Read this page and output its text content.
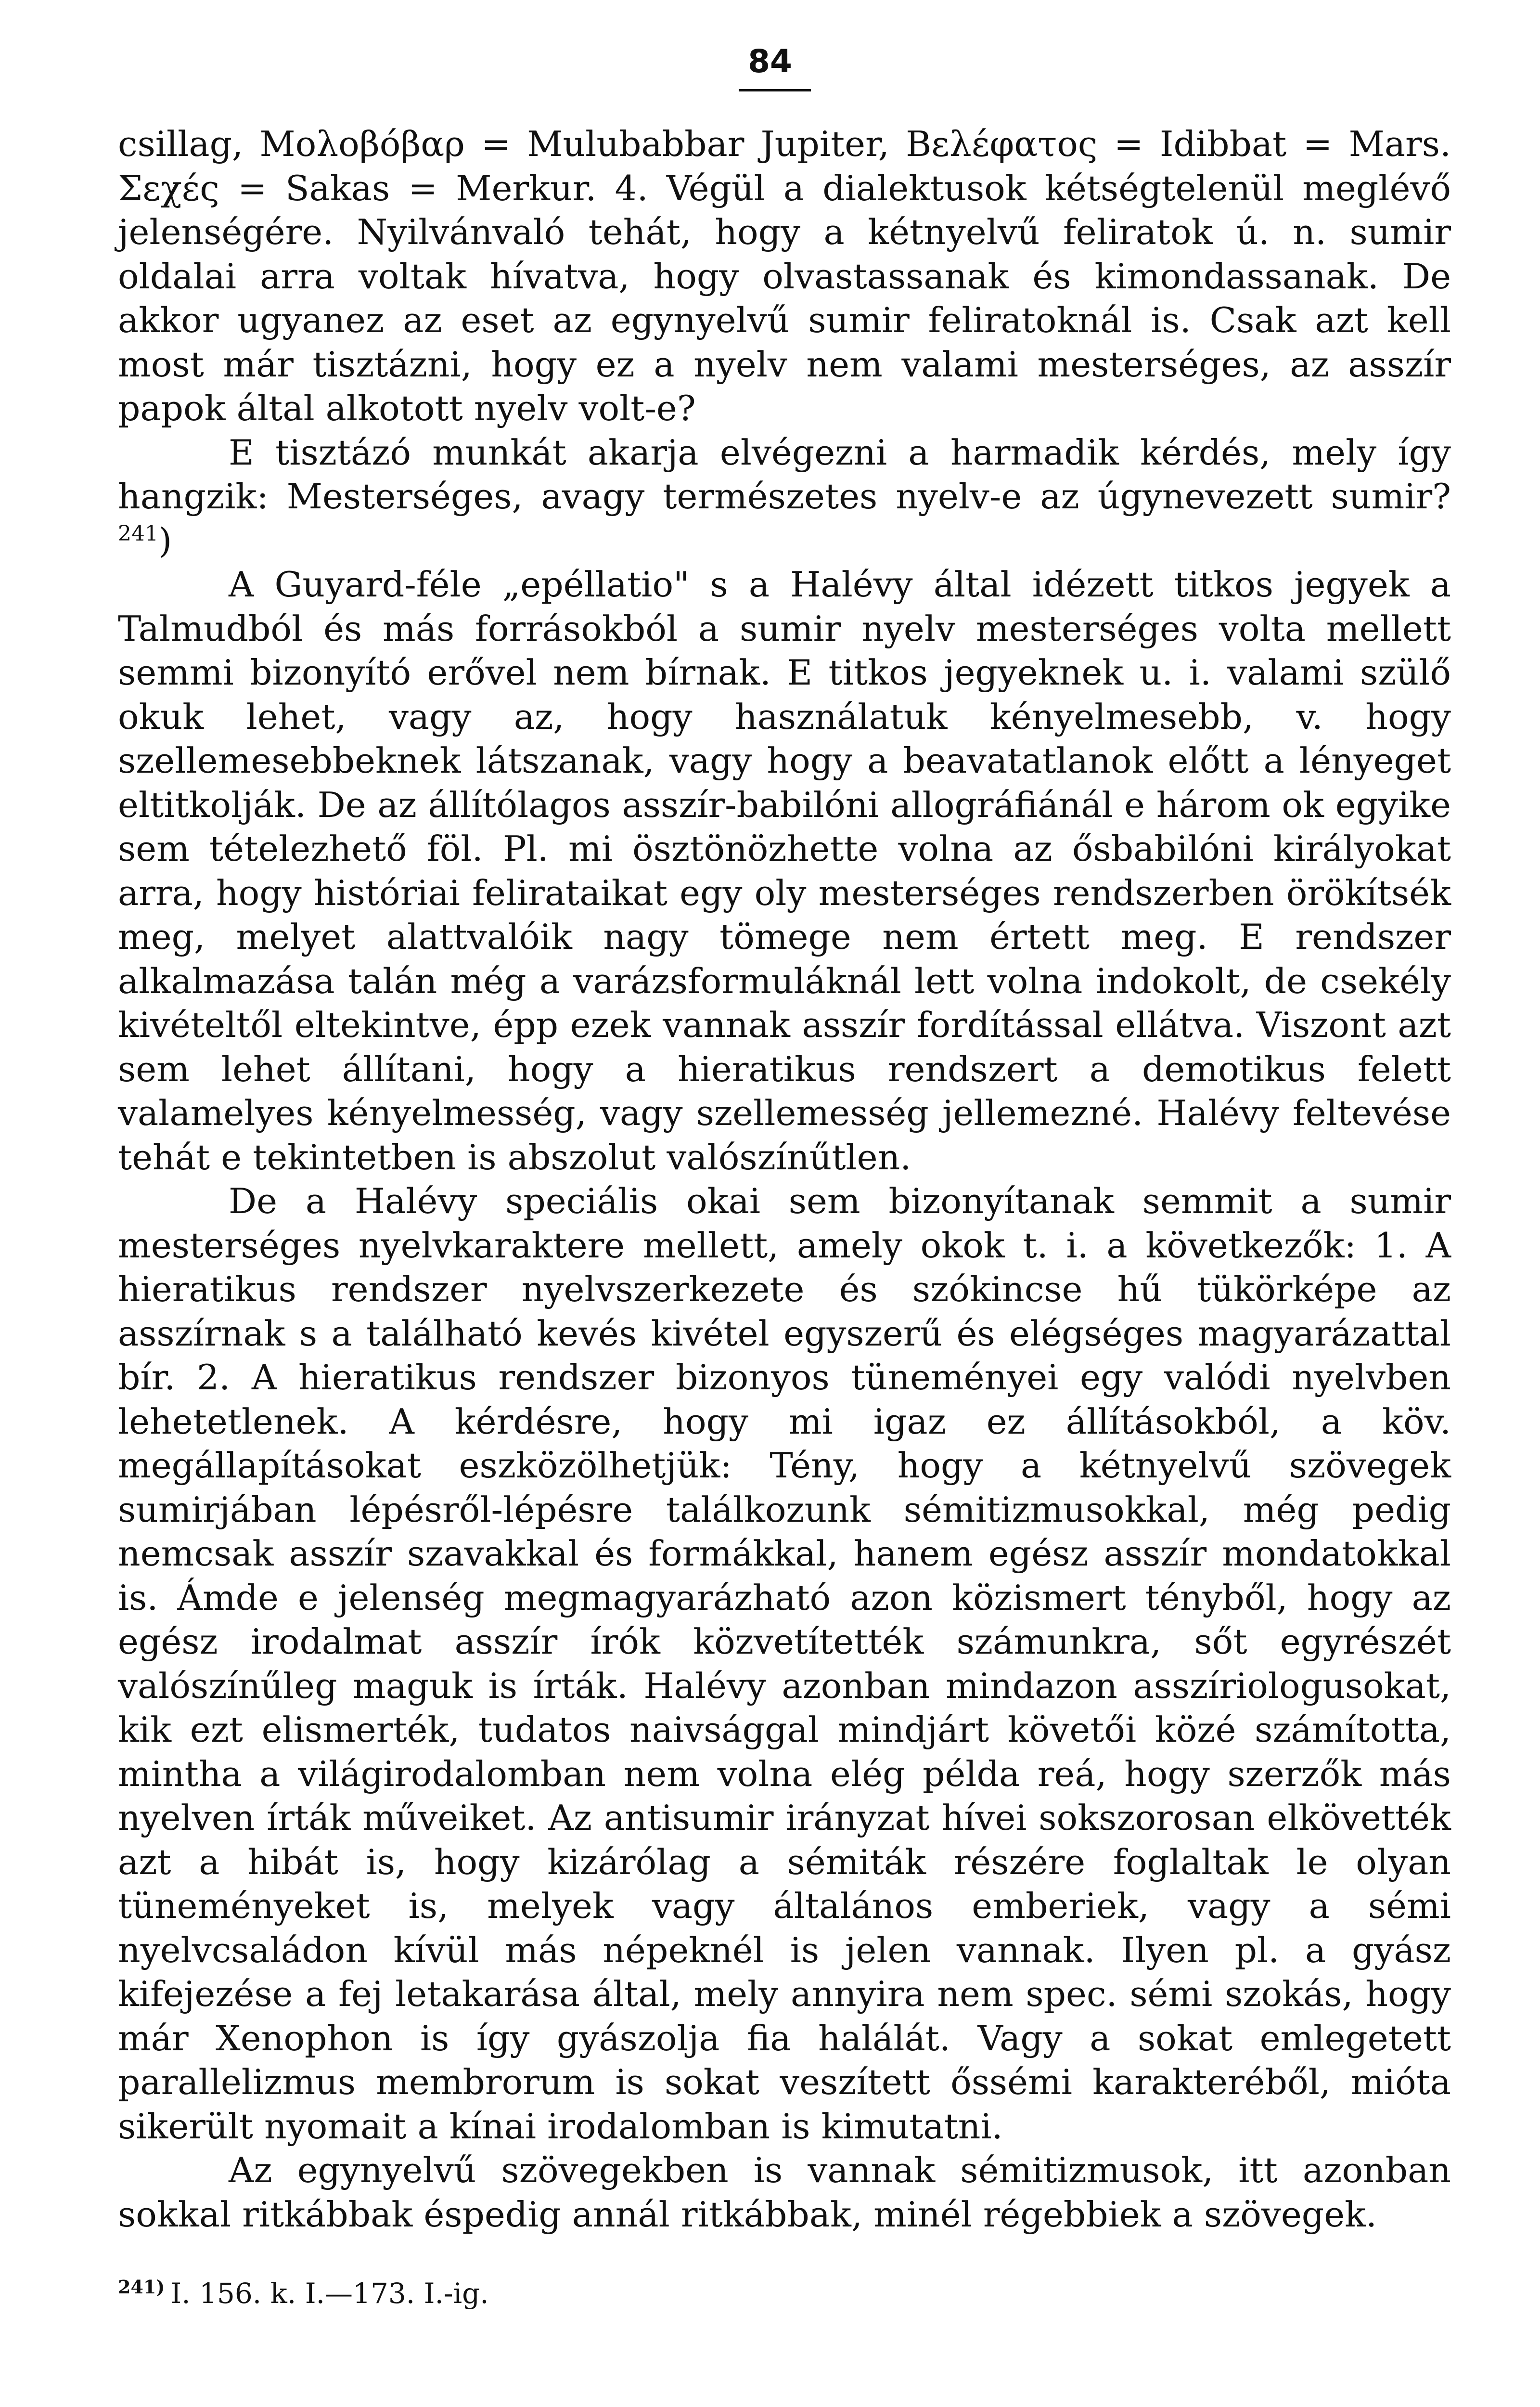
84

csillag, Μολοβόβαρ = Mulubabbar Jupiter, Βελέφατος = Idibbat = Mars. Σεχές = Sakas = Merkur. 4. Végül a dialektusok kétségtelenül meglévő jelenségére. Nyilvánvaló tehát, hogy a kétnyelvű feliratok ú. n. sumir oldalai arra voltak hívatva, hogy olvastassanak és kimondassanak. De akkor ugyanez az eset az egynyelvű sumir feliratoknál is. Csak azt kell most már tisztázni, hogy ez a nyelv nem valami mesterséges, az asszír papok által alkotott nyelv volt-e?

E tisztázó munkát akarja elvégezni a harmadik kérdés, mely így hangzik: Mesterséges, avagy természetes nyelv-e az úgynevezett sumir?$^{241}$)

A Guyard-féle „epéllatio" s a Halévy által idézett titkos jegyek a Talmudból és más forrásokból a sumir nyelv mesterséges volta mellett semmi bizonyító erővel nem bírnak. E titkos jegyeknek u. i. valami szülő okuk lehet, vagy az, hogy használatuk kényelmesebb, v. hogy szellemesebbeknek látszanak, vagy hogy a beavatatlanok előtt a lényeget eltitkolják. De az állítólagos asszír-babilóni allográfiánál e három ok egyike sem tételezhető föl. Pl. mi ösztönözhette volna az ősbabilóni királyokat arra, hogy históriai felirataikat egy oly mesterséges rendszerben örökítsék meg, melyet alattvalóik nagy tömege nem értett meg. E rendszer alkalmazása talán még a varázsformuláknál lett volna indokolt, de csekély kivételtől eltekintve, épp ezek vannak asszír fordítással ellátva. Viszont azt sem lehet állítani, hogy a hieratikus rendszert a demotikus felett valamelyes kényelmesség, vagy szellemesség jellemezné. Halévy feltevése tehát e tekintetben is abszolut valószínűtlen.

De a Halévy speciális okai sem bizonyítanak semmit a sumir mesterséges nyelvkaraktere mellett, amely okok t. i. a következők: 1. A hieratikus rendszer nyelvszerkezete és szókincse hű tükörképe az asszírnak s a található kevés kivétel egyszerű és elégséges magyarázattal bír. 2. A hieratikus rendszer bizonyos tüneményei egy valódi nyelvben lehetetlenek. A kérdésre, hogy mi igaz ez állításokból, a köv. megállapításokat eszközölhetjük: Tény, hogy a kétnyelvű szövegek sumirjában lépésről-lépésre találkozunk sémitizmusokkal, még pedig nemcsak asszír szavakkal és formákkal, hanem egész asszír mondatokkal is. Ámde e jelenség megmagyarázható azon közismert tényből, hogy az egész irodalmat asszír írók közvetítették számunkra, sőt egyrészét valószínűleg maguk is írták. Halévy azonban mindazon asszíriologusokat, kik ezt elismerték, tudatos naivsággal mindjárt követői közé számította, mintha a világirodalomban nem volna elég példa reá, hogy szerzők más nyelven írták műveiket. Az antisumir irányzat hívei sokszorosan elkövették azt a hibát is, hogy kizárólag a sémiták részére foglaltak le olyan tüneményeket is, melyek vagy általános emberiek, vagy a sémi nyelvcsaládon kívül más népeknél is jelen vannak. Ilyen pl. a gyász kifejezése a fej letakarása által, mely annyira nem spec. sémi szokás, hogy már Xenophon is így gyászolja fia halálát. Vagy a sokat emlegetett parallelizmus membrorum is sokat veszített őssémi karakteréből, mióta sikerült nyomait a kínai irodalomban is kimutatni.

Az egynyelvű szövegekben is vannak sémitizmusok, itt azonban sokkal ritkábbak éspedig annál ritkábbak, minél régebbiek a szövegek.

$^{241)}$ I. 156. k. I.—173. I.-ig.
